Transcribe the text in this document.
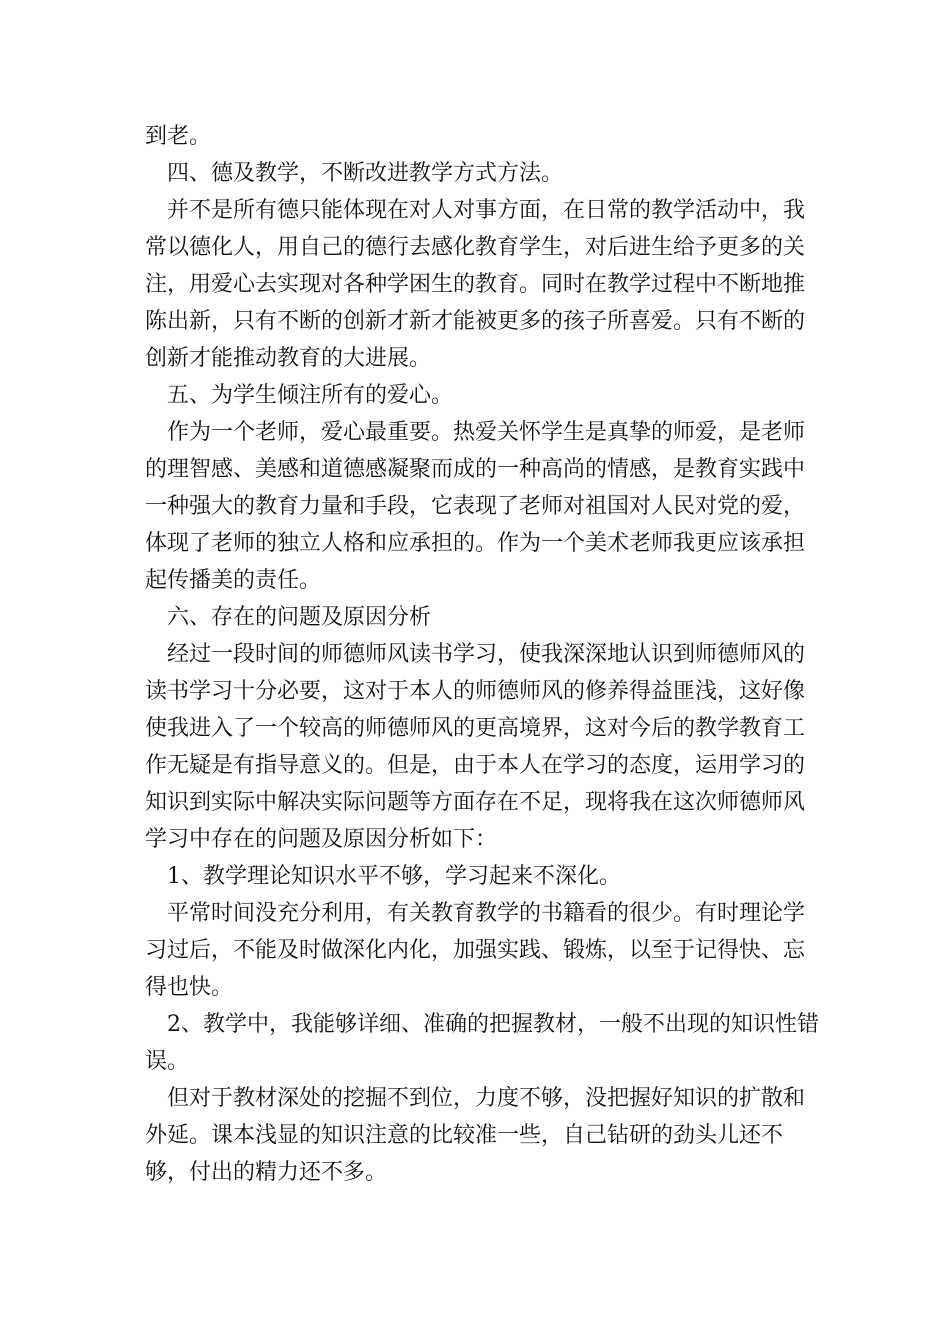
到老。

四、德及教学，不断改进教学方式方法。

并不是所有德只能体现在对人对事方面，在日常的教学活动中，我常以德化人，用自己的德行去感化教育学生，对后进生给予更多的关注，用爱心去实现对各种学困生的教育。同时在教学过程中不断地推陈出新，只有不断的创新才新才能被更多的孩子所喜爱。只有不断的创新才能推动教育的大进展。

五、为学生倾注所有的爱心。

作为一个老师，爱心最重要。热爱关怀学生是真挚的师爱，是老师的理智感、美感和道德感凝聚而成的一种高尚的情感，是教育实践中一种强大的教育力量和手段，它表现了老师对祖国对人民对党的爱，体现了老师的独立人格和应承担的。作为一个美术老师我更应该承担起传播美的责任。

六、存在的问题及原因分析

经过一段时间的师德师风读书学习，使我深深地认识到师德师风的读书学习十分必要，这对于本人的师德师风的修养得益匪浅，这好像使我进入了一个较高的师德师风的更高境界，这对今后的教学教育工作无疑是有指导意义的。但是，由于本人在学习的态度，运用学习的知识到实际中解决实际问题等方面存在不足，现将我在这次师德师风学习中存在的问题及原因分析如下：

1、教学理论知识水平不够，学习起来不深化。

平常时间没充分利用，有关教育教学的书籍看的很少。有时理论学习过后，不能及时做深化内化，加强实践、锻炼，以至于记得快、忘得也快。

2、教学中，我能够详细、准确的把握教材，一般不出现的知识性错误。

但对于教材深处的挖掘不到位，力度不够，没把握好知识的扩散和外延。课本浅显的知识注意的比较准一些，自己钻研的劲头儿还不够，付出的精力还不多。
